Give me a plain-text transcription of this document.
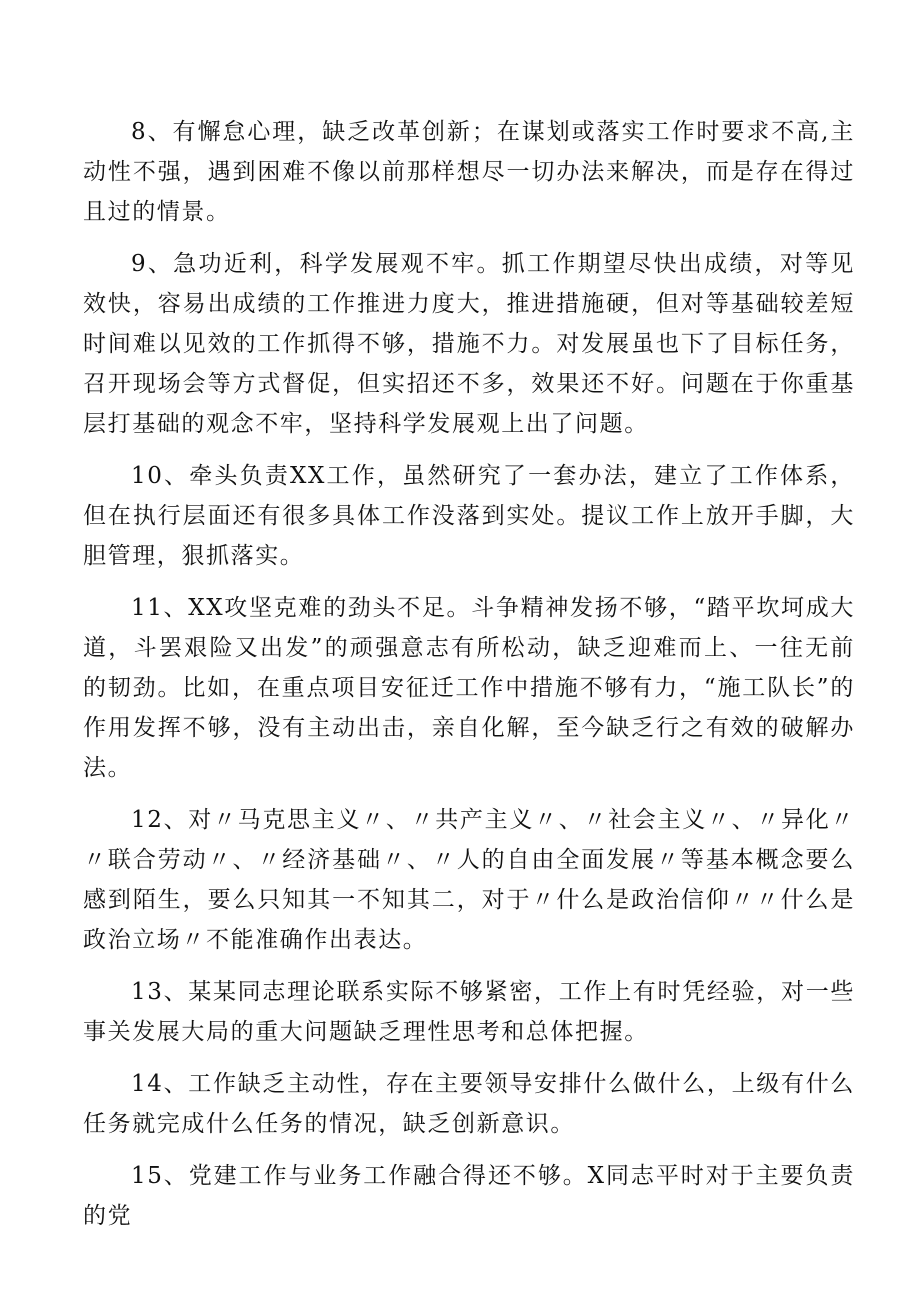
8、有懈怠心理，缺乏改革创新；在谋划或落实工作时要求不高,主动性不强，遇到困难不像以前那样想尽一切办法来解决，而是存在得过且过的情景。

9、急功近利，科学发展观不牢。抓工作期望尽快出成绩，对等见效快，容易出成绩的工作推进力度大，推进措施硬，但对等基础较差短时间难以见效的工作抓得不够，措施不力。对发展虽也下了目标任务，召开现场会等方式督促，但实招还不多，效果还不好。问题在于你重基层打基础的观念不牢，坚持科学发展观上出了问题。

10、牵头负责XX工作，虽然研究了一套办法，建立了工作体系，但在执行层面还有很多具体工作没落到实处。提议工作上放开手脚，大胆管理，狠抓落实。

11、XX攻坚克难的劲头不足。斗争精神发扬不够，“踏平坎坷成大道，斗罢艰险又出发”的顽强意志有所松动，缺乏迎难而上、一往无前的韧劲。比如，在重点项目安征迁工作中措施不够有力，“施工队长”的作用发挥不够，没有主动出击，亲自化解，至今缺乏行之有效的破解办法。

12、对〃马克思主义〃、〃共产主义〃、〃社会主义〃、〃异化〃〃联合劳动〃、〃经济基础〃、〃人的自由全面发展〃等基本概念要么感到陌生，要么只知其一不知其二，对于〃什么是政治信仰〃〃什么是政治立场〃不能准确作出表达。

13、某某同志理论联系实际不够紧密，工作上有时凭经验，对一些事关发展大局的重大问题缺乏理性思考和总体把握。

14、工作缺乏主动性，存在主要领导安排什么做什么，上级有什么任务就完成什么任务的情况，缺乏创新意识。

15、党建工作与业务工作融合得还不够。X同志平时对于主要负责的党
